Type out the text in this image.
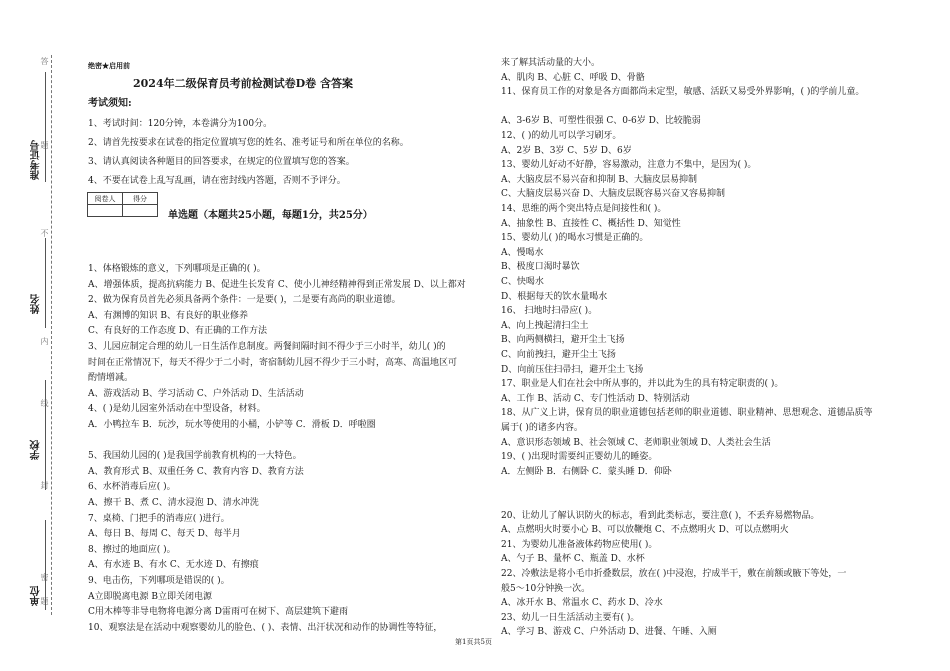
答
题
不
内
线
封
密
题
准考证号
姓名
学校
单位
绝密★启用前
2024年二级保育员考前检测试卷D卷 含答案
考试须知:
1、考试时间：120分钟，本卷满分为100分。
2、请首先按要求在试卷的指定位置填写您的姓名、准考证号和所在单位的名称。
3、请认真阅读各种题目的回答要求，在规定的位置填写您的答案。
4、不要在试卷上乱写乱画，请在密封线内答题，否则不予评分。
阅卷人	得分

单选题（本题共25小题，每题1分，共25分）
1、体格锻炼的意义，下列哪项是正确的( )。
A、增强体质，提高抗病能力 B、促进生长发育 C、使小儿神经精神得到正常发展 D、以上都对
2、做为保育员首先必须具备两个条件：一是要( )，二是要有高尚的职业道德。
A、有渊博的知识 B、有良好的职业修养
C、有良好的工作态度 D、有正确的工作方法
3、儿园应制定合理的幼儿一日生活作息制度。两餐间隔时间不得少于三小时半，幼儿( )的
时间在正常情况下，每天不得少于二小时，寄宿制幼儿园不得少于三小时，高寒、高温地区可
酌情增减。
A、游戏活动 B、学习活动 C、户外活动 D、生活活动
4、( )是幼儿园室外活动在中型设备，材料。
A．小鸭拉车 B．玩沙，玩水等使用的小桶，小铲等 C．滑板 D．呼啦圈
5、我国幼儿园的( )是我国学前教育机构的一大特色。
A、教育形式 B、双重任务 C、教育内容 D、教育方法
6、水杯消毒后应( )。
A、擦干 B、煮 C、清水浸泡 D、清水冲洗
7、桌椅、门把手的消毒应( )进行。
A、每日 B、每周 C、每天 D、每半月
8、擦过的地面应( )。
A、有水迹 B、有水 C、无水迹 D、有擦痕
9、电击伤，下列哪项是错误的( )。
A立即脱离电源 B立即关闭电源
C用木棒等非导电物将电源分离 D雷雨可在树下、高层建筑下避雨
10、观察法是在活动中观察婴幼儿的脸色、( )、表情、出汗状况和动作的协调性等特征，
来了解其活动量的大小。
A、肌肉 B、心脏 C、呼吸 D、骨骼
11、保育员工作的对象是各方面都尚未定型，敏感、活跃又易受外界影响，( )的学前儿童。
A、3-6岁 B、可塑性很强 C、0-6岁 D、比较脆弱
12、( )的幼儿可以学习刷牙。
A、2岁 B、3岁 C、5岁 D、6岁
13、婴幼儿好动不好静，容易激动，注意力不集中，是因为( )。
A、大脑皮层不易兴奋和抑制 B、大脑皮层易抑制
C、大脑皮层易兴奋 D、大脑皮层既容易兴奋又容易抑制
14、思维的两个突出特点是间接性和( )。
A、抽象性 B、直接性 C、概括性 D、知觉性
15、婴幼儿( )的喝水习惯是正确的。
A、慢喝水
B、极度口渴时暴饮
C、快喝水
D、根据每天的饮水量喝水
16、 扫地时扫帚应( )。
A、向上拽起清扫尘土
B、向两侧横扫，避开尘土飞扬
C、向前拽扫，避开尘土飞扬
D、向前压住扫帚扫，避开尘土飞扬
17、职业是人们在社会中所从事的，并以此为生的具有特定职责的( )。
A、工作 B、活动 C、专门性活动 D、特别活动
18、从广义上讲，保育员的职业道德包括老师的职业道德、职业精神、思想观念、道德品质等
属于( )的诸多内容。
A、意识形态领域 B、社会领域 C、老师职业领域 D、人类社会生活
19、( )出现时需要纠正婴幼儿的睡姿。
A．左侧卧 B．右侧卧 C．蒙头睡 D．仰卧
20、让幼儿了解认识防火的标志，看到此类标志，要注意( )，不丢弃易燃物品。
A、点燃明火时要小心 B、可以放鞭炮 C、不点燃明火 D、可以点燃明火
21、为婴幼儿准备液体药物应使用( )。
A、勺子 B、量杯 C、瓶盖 D、水杯
22、冷敷法是将小毛巾折叠数层，放在( )中浸泡，拧成半干，敷在前额或腋下等处，一
般5～10分钟换一次。
A、冰开水 B、常温水 C、药水 D、冷水
23、幼儿一日生活活动主要有( )。
A、学习 B、游戏 C、户外活动 D、进餐、午睡、入厕
第1页共5页
